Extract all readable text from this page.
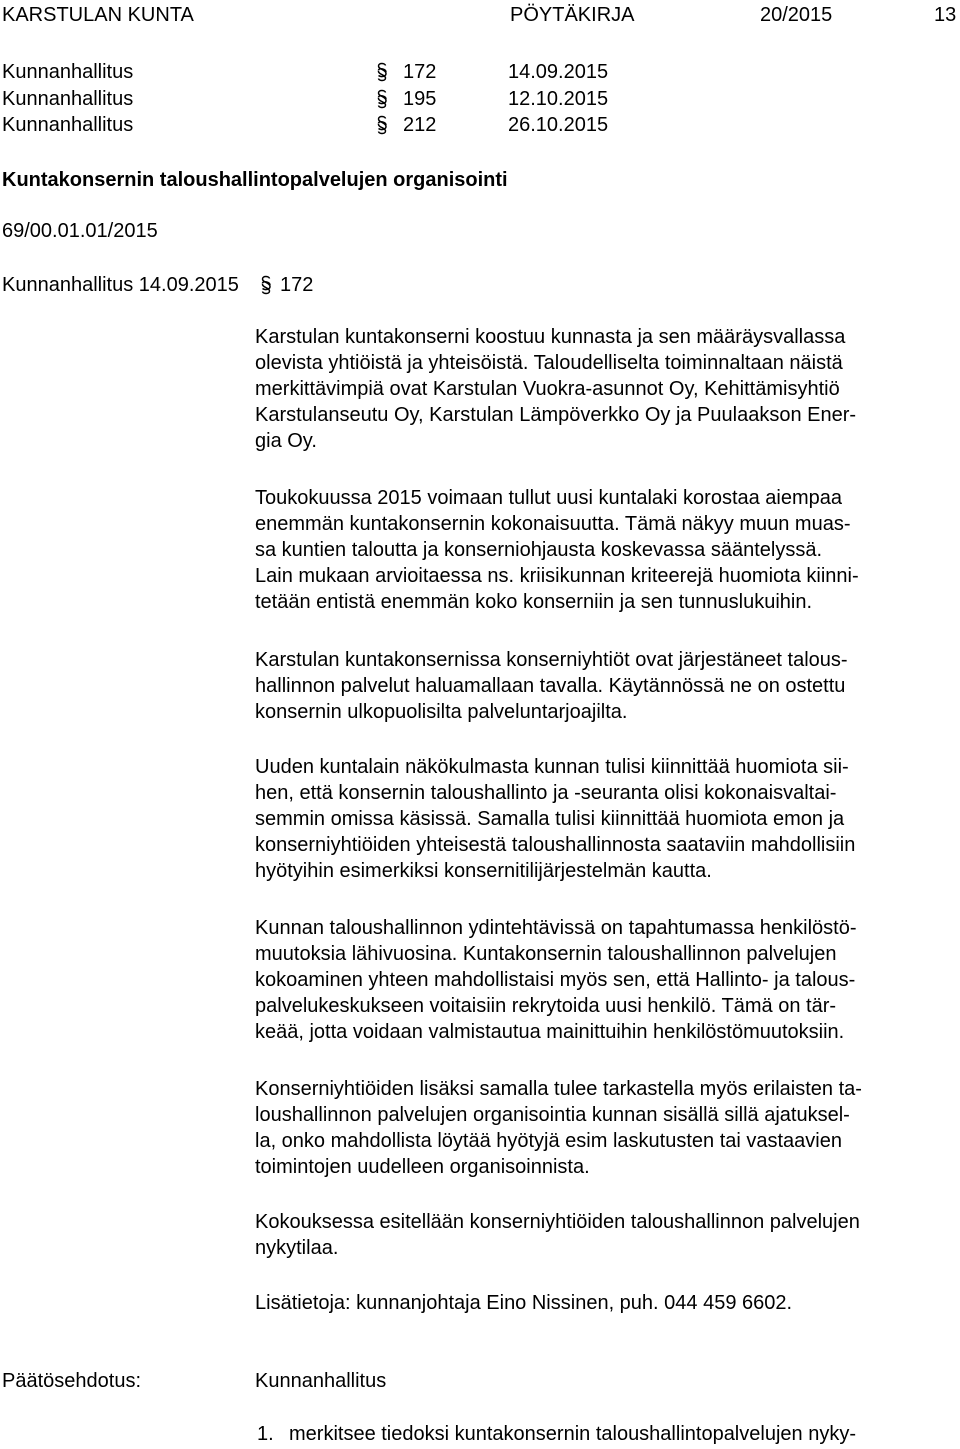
KARSTULAN KUNTA	PÖYTÄKIRJA	20/2015	13
Kunnanhallitus	172	14.09.2015
Kunnanhallitus	195	12.10.2015
Kunnanhallitus	212	26.10.2015
Kuntakonsernin taloushallintopalvelujen organisointi
69/00.01.01/2015
Kunnanhallitus 14.09.2015 172

Karstulan kuntakonserni koostuu kunnasta ja sen määräysvallassa
olevista yhtiöistä ja yhteisöistä. Taloudelliselta toiminnaltaan näistä
merkittävimpiä ovat Karstulan Vuokra-asunnot Oy, Kehittämisyhtiö
Karstulanseutu Oy, Karstulan Lämpöverkko Oy ja Puulaakson Ener-
gia Oy.

Toukokuussa 2015 voimaan tullut uusi kuntalaki korostaa aiempaa
enemmän kuntakonsernin kokonaisuutta. Tämä näkyy muun muas-
sa kuntien taloutta ja konserniohjausta koskevassa sääntelyssä.
Lain mukaan arvioitaessa ns. kriisikunnan kriteerejä huomiota kiinni-
tetään entistä enemmän koko konserniin ja sen tunnuslukuihin.

Karstulan kuntakonsernissa konserniyhtiöt ovat järjestäneet talous-
hallinnon palvelut haluamallaan tavalla. Käytännössä ne on ostettu
konsernin ulkopuolisilta palveluntarjoajilta.

Uuden kuntalain näkökulmasta kunnan tulisi kiinnittää huomiota sii-
hen, että konsernin taloushallinto ja -seuranta olisi kokonaisvaltai-
semmin omissa käsissä. Samalla tulisi kiinnittää huomiota emon ja
konserniyhtiöiden yhteisestä taloushallinnosta saataviin mahdollisiin
hyötyihin esimerkiksi konsernitilijärjestelmän kautta.

Kunnan taloushallinnon ydintehtävissä on tapahtumassa henkilöstö-
muutoksia lähivuosina. Kuntakonsernin taloushallinnon palvelujen
kokoaminen yhteen mahdollistaisi myös sen, että Hallinto- ja talous-
palvelukeskukseen voitaisiin rekrytoida uusi henkilö. Tämä on tär-
keää, jotta voidaan valmistautua mainittuihin henkilöstömuutoksiin.

Konserniyhtiöiden lisäksi samalla tulee tarkastella myös erilaisten ta-
loushallinnon palvelujen organisointia kunnan sisällä sillä ajatuksel-
la, onko mahdollista löytää hyötyjä esim laskutusten tai vastaavien
toimintojen uudelleen organisoinnista.

Kokouksessa esitellään konserniyhtiöiden taloushallinnon palvelujen
nykytilaa.

Lisätietoja: kunnanjohtaja Eino Nissinen, puh. 044 459 6602.

Päätösehdotus:	Kunnanhallitus
1. merkitsee tiedoksi kuntakonsernin taloushallintopalvelujen nyky-
